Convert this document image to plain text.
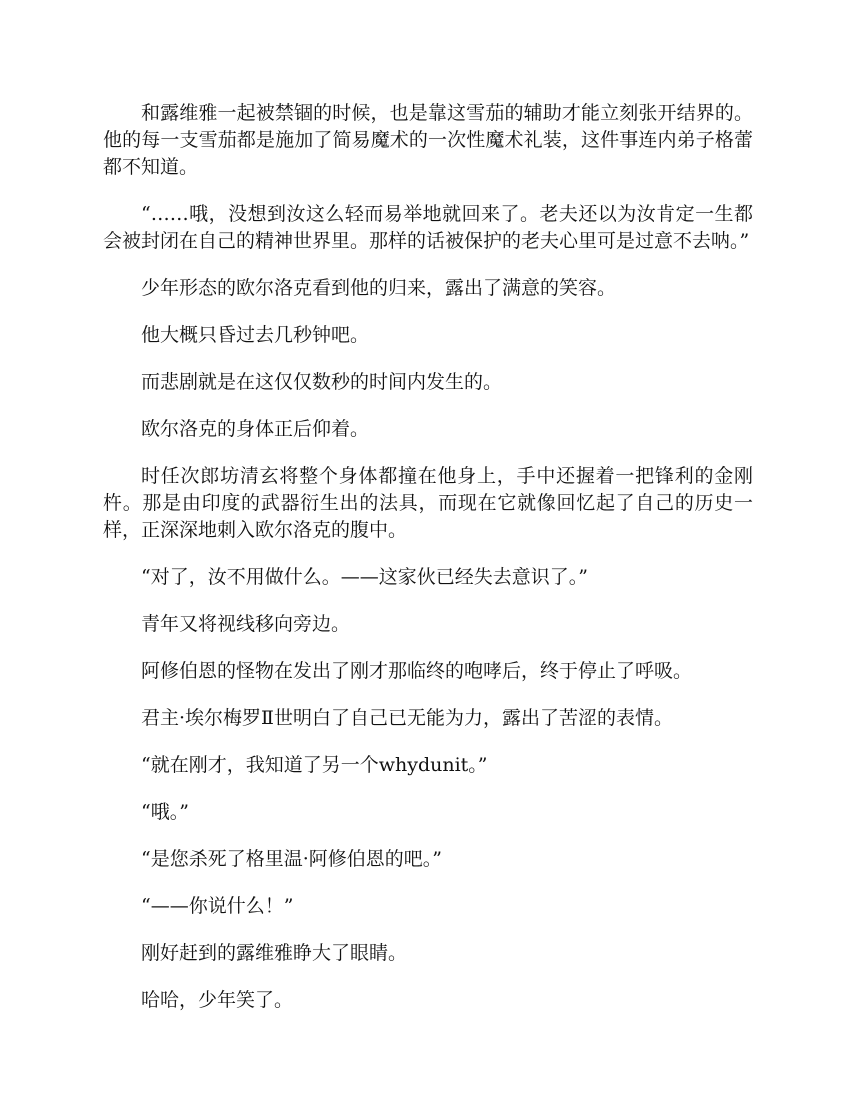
和露维雅一起被禁锢的时候，也是靠这雪茄的辅助才能立刻张开结界的。他的每一支雪茄都是施加了简易魔术的一次性魔术礼装，这件事连内弟子格蕾都不知道。

“……哦，没想到汝这么轻而易举地就回来了。老夫还以为汝肯定一生都会被封闭在自己的精神世界里。那样的话被保护的老夫心里可是过意不去呐。”

少年形态的欧尔洛克看到他的归来，露出了满意的笑容。

他大概只昏过去几秒钟吧。

而悲剧就是在这仅仅数秒的时间内发生的。

欧尔洛克的身体正后仰着。

时任次郎坊清玄将整个身体都撞在他身上，手中还握着一把锋利的金刚杵。那是由印度的武器衍生出的法具，而现在它就像回忆起了自己的历史一样，正深深地刺入欧尔洛克的腹中。

“对了，汝不用做什么。——这家伙已经失去意识了。”

青年又将视线移向旁边。

阿修伯恩的怪物在发出了刚才那临终的咆哮后，终于停止了呼吸。

君主·埃尔梅罗Ⅱ世明白了自己已无能为力，露出了苦涩的表情。

“就在刚才，我知道了另一个whydunit。”

“哦。”

“是您杀死了格里温·阿修伯恩的吧。”

“——你说什么！”

刚好赶到的露维雅睁大了眼睛。

哈哈，少年笑了。
